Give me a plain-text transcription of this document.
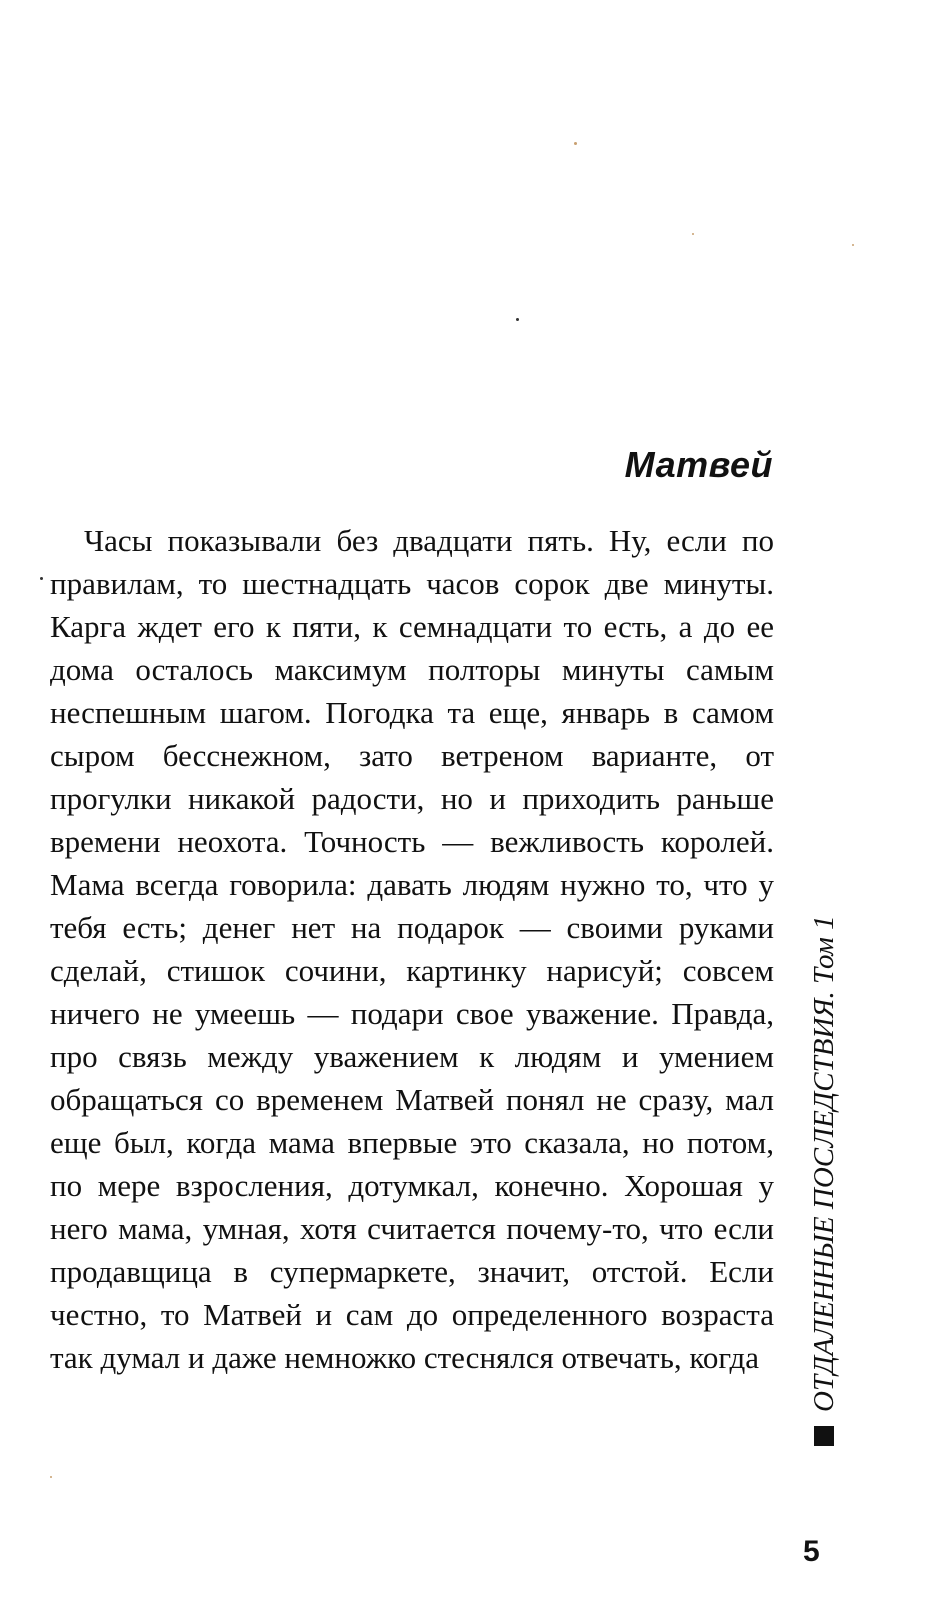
Матвей

Часы показывали без двадцати пять. Ну, если по правилам, то шестнадцать часов сорок две минуты. Карга ждет его к пяти, к семнадцати то есть, а до ее дома осталось максимум полторы минуты самым неспешным шагом. Погодка та еще, январь в самом сыром бесснежном, зато ветреном варианте, от прогулки никакой радости, но и приходить раньше времени неохота. Точность — вежливость королей. Мама всегда говорила: давать людям нужно то, что у тебя есть; денег нет на подарок — своими руками сделай, стишок сочини, картинку нарисуй; совсем ничего не умеешь — подари свое уважение. Правда, про связь между уважением к людям и умением обращаться со временем Матвей понял не сразу, мал еще был, когда мама впервые это сказала, но потом, по мере взросления, дотумкал, конечно. Хорошая у него мама, умная, хотя считается почему-то, что если продавщица в супермаркете, значит, отстой. Если честно, то Матвей и сам до определенного возраста так думал и даже немножко стеснялся отвечать, когда	ОТДАЛЕННЫЕ ПОСЛЕДСТВИЯ. Том 1
5
